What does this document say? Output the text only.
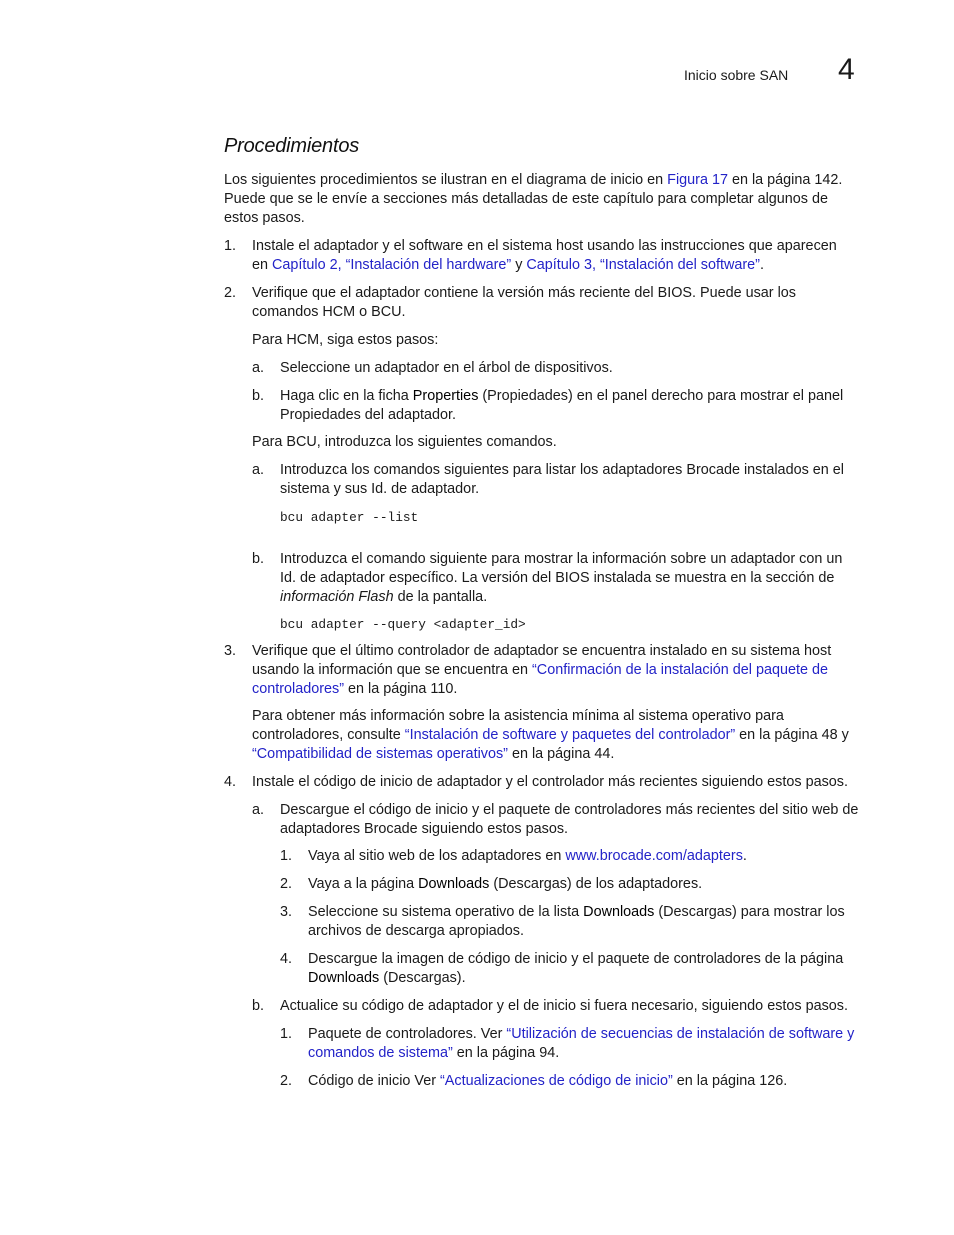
Inicio sobre SAN 4
Procedimientos
Los siguientes procedimientos se ilustran en el diagrama de inicio en Figura 17 en la página 142.
Puede que se le envíe a secciones más detalladas de este capítulo para completar algunos de
estos pasos.
1. Instale el adaptador y el software en el sistema host usando las instrucciones que aparecen
en Capítulo 2, “Instalación del hardware” y Capítulo 3, “Instalación del software”.
2. Verifique que el adaptador contiene la versión más reciente del BIOS. Puede usar los
comandos HCM o BCU.
Para HCM, siga estos pasos:
a. Seleccione un adaptador en el árbol de dispositivos.
b. Haga clic en la ficha Properties (Propiedades) en el panel derecho para mostrar el panel
Propiedades del adaptador.
Para BCU, introduzca los siguientes comandos.
a. Introduzca los comandos siguientes para listar los adaptadores Brocade instalados en el
sistema y sus Id. de adaptador.
bcu adapter --list
b. Introduzca el comando siguiente para mostrar la información sobre un adaptador con un
Id. de adaptador específico. La versión del BIOS instalada se muestra en la sección de
información Flash de la pantalla.
bcu adapter --query <adapter_id>
3. Verifique que el último controlador de adaptador se encuentra instalado en su sistema host
usando la información que se encuentra en “Confirmación de la instalación del paquete de
controladores” en la página 110.
Para obtener más información sobre la asistencia mínima al sistema operativo para
controladores, consulte “Instalación de software y paquetes del controlador” en la página 48 y
“Compatibilidad de sistemas operativos” en la página 44.
4. Instale el código de inicio de adaptador y el controlador más recientes siguiendo estos pasos.
a. Descargue el código de inicio y el paquete de controladores más recientes del sitio web de
adaptadores Brocade siguiendo estos pasos.
1. Vaya al sitio web de los adaptadores en www.brocade.com/adapters.
2. Vaya a la página Downloads (Descargas) de los adaptadores.
3. Seleccione su sistema operativo de la lista Downloads (Descargas) para mostrar los
archivos de descarga apropiados.
4. Descargue la imagen de código de inicio y el paquete de controladores de la página
Downloads (Descargas).
b. Actualice su código de adaptador y el de inicio si fuera necesario, siguiendo estos pasos.
1. Paquete de controladores. Ver “Utilización de secuencias de instalación de software y
comandos de sistema” en la página 94.
2. Código de inicio Ver “Actualizaciones de código de inicio” en la página 126.
